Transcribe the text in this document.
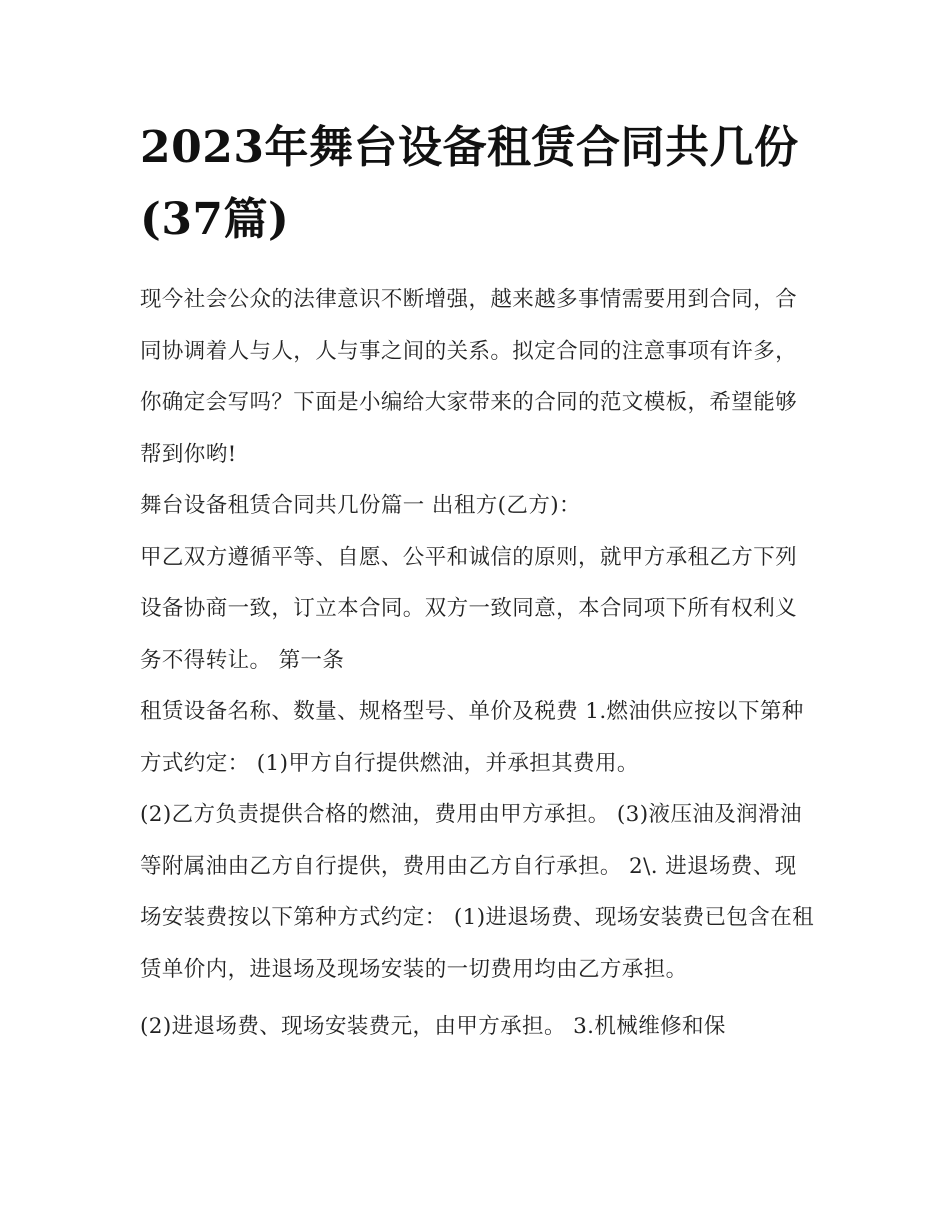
2023年舞台设备租赁合同共几份(37篇)

现今社会公众的法律意识不断增强，越来越多事情需要用到合同，合同协调着人与人，人与事之间的关系。拟定合同的注意事项有许多，你确定会写吗？下面是小编给大家带来的合同的范文模板，希望能够帮到你哟!

舞台设备租赁合同共几份篇一 出租方(乙方)：

甲乙双方遵循平等、自愿、公平和诚信的原则，就甲方承租乙方下列设备协商一致，订立本合同。双方一致同意，本合同项下所有权利义务不得转让。 第一条

租赁设备名称、数量、规格型号、单价及税费 1.燃油供应按以下第种方式约定： (1)甲方自行提供燃油，并承担其费用。

(2)乙方负责提供合格的燃油，费用由甲方承担。 (3)液压油及润滑油等附属油由乙方自行提供，费用由乙方自行承担。 2\. 进退场费、现场安装费按以下第种方式约定： (1)进退场费、现场安装费已包含在租赁单价内，进退场及现场安装的一切费用均由乙方承担。

(2)进退场费、现场安装费元，由甲方承担。 3.机械维修和保
